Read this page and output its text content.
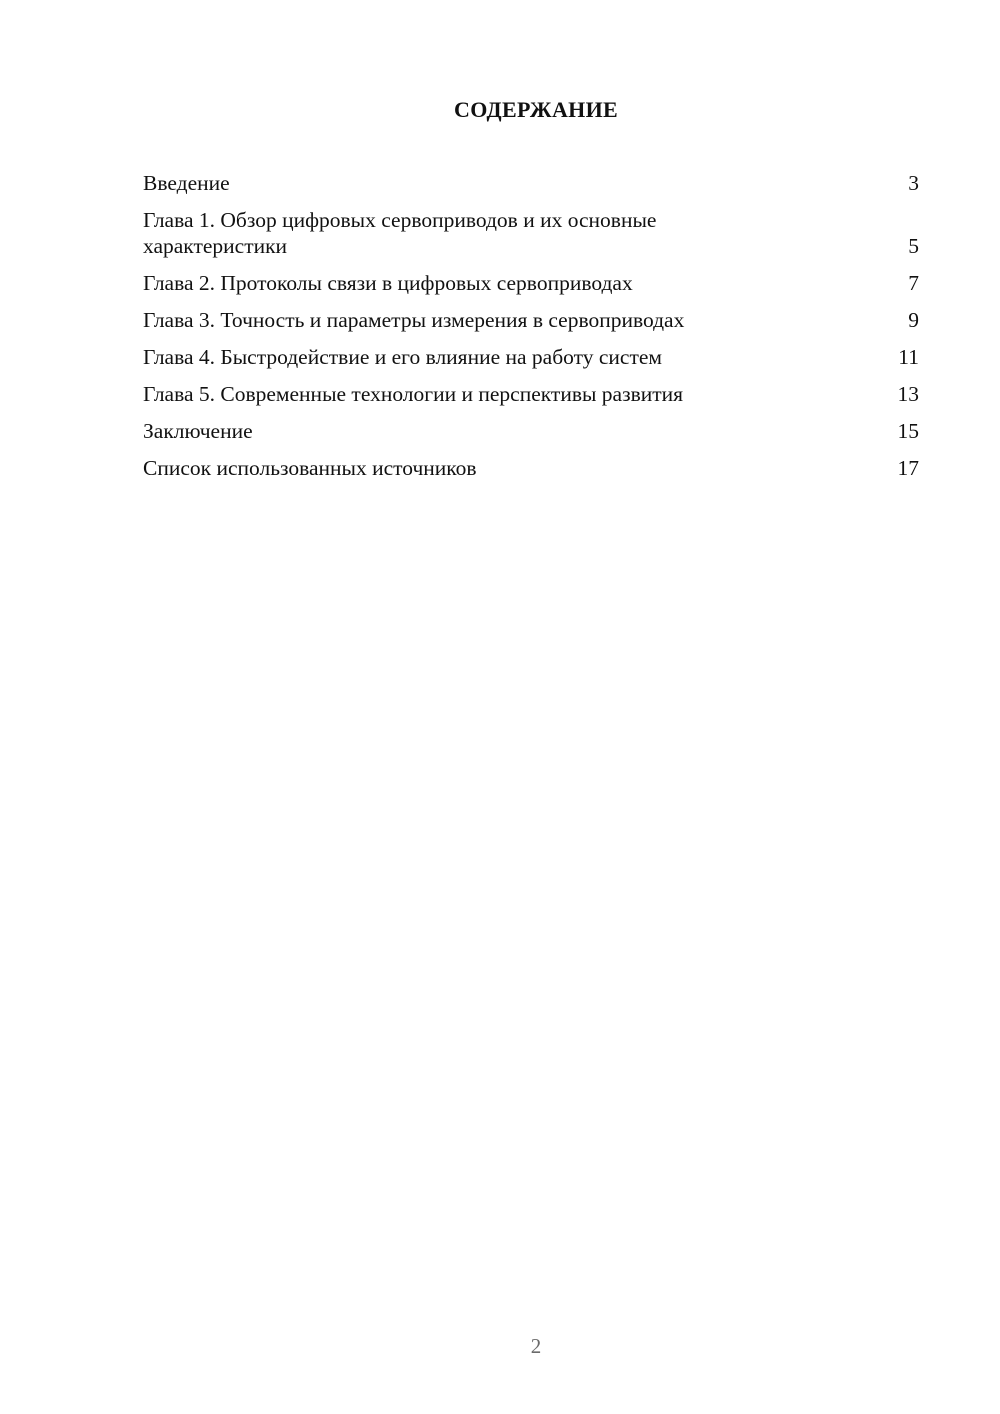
СОДЕРЖАНИЕ
Введение	3
Глава 1. Обзор цифровых сервоприводов и их основные характеристики	5
Глава 2. Протоколы связи в цифровых сервоприводах	7
Глава 3. Точность и параметры измерения в сервоприводах	9
Глава 4. Быстродействие и его влияние на работу систем	11
Глава 5. Современные технологии и перспективы развития	13
Заключение	15
Список использованных источников	17
2
